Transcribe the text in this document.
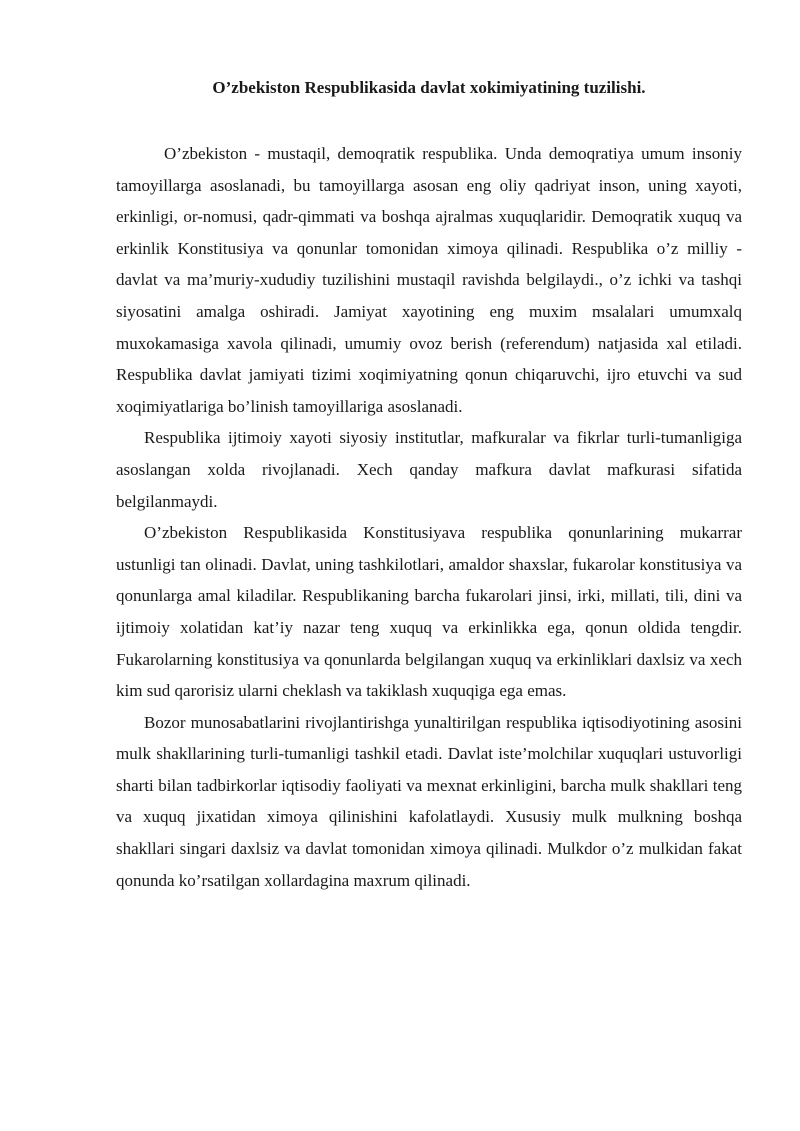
O’zbekiston Respublikasida davlat xokimiyatining tuzilishi.

O’zbekiston - mustaqil, demoqratik respublika. Unda demoqratiya umum insoniy tamoyillarga asoslanadi, bu tamoyillarga asosan eng oliy qadriyat inson, uning xayoti, erkinligi, or-nomusi, qadr-qimmati va boshqa ajralmas xuquqlaridir. Demoqratik xuquq va erkinlik Konstitusiya va qonunlar tomonidan ximoya qilinadi. Respublika o’z milliy - davlat va ma’muriy-xududiy tuzilishini mustaqil ravishda belgilaydi., o’z ichki va tashqi siyosatini amalga oshiradi. Jamiyat xayotining eng muxim msalalari umumxalq muxokamasiga xavola qilinadi, umumiy ovoz berish (referendum) natjasida xal etiladi. Respublika davlat jamiyati tizimi xoqimiyatning qonun chiqaruvchi, ijro etuvchi va sud xoqimiyatlariga bo’linish tamoyillariga asoslanadi.

Respublika ijtimoiy xayoti siyosiy institutlar, mafkuralar va fikrlar turli-tumanligiga asoslangan xolda rivojlanadi. Xech qanday mafkura davlat mafkurasi sifatida belgilanmaydi.

O’zbekiston Respublikasida Konstitusiyava respublika qonunlarining mukarrar ustunligi tan olinadi. Davlat, uning tashkilotlari, amaldor shaxslar, fukarolar konstitusiya va qonunlarga amal kiladilar. Respublikaning barcha fukarolari jinsi, irki, millati, tili, dini va ijtimoiy xolatidan kat’iy nazar teng xuquq va erkinlikka ega, qonun oldida tengdir. Fukarolarning konstitusiya va qonunlarda belgilangan xuquq va erkinliklari daxlsiz va xech kim sud qarorisiz ularni cheklash va takiklash xuquqiga ega emas.

Bozor munosabatlarini rivojlantirishga yunaltirilgan respublika iqtisodiyotining asosini mulk shakllarining turli-tumanligi tashkil etadi. Davlat iste’molchilar xuquqlari ustuvorligi sharti bilan tadbirkorlar iqtisodiy faoliyati va mexnat erkinligini, barcha mulk shakllari teng va xuquq jixatidan ximoya qilinishini kafolatlaydi. Xususiy mulk mulkning boshqa shakllari singari daxlsiz va davlat tomonidan ximoya qilinadi. Mulkdor o’z mulkidan fakat qonunda ko’rsatilgan xollardagina maxrum qilinadi.
